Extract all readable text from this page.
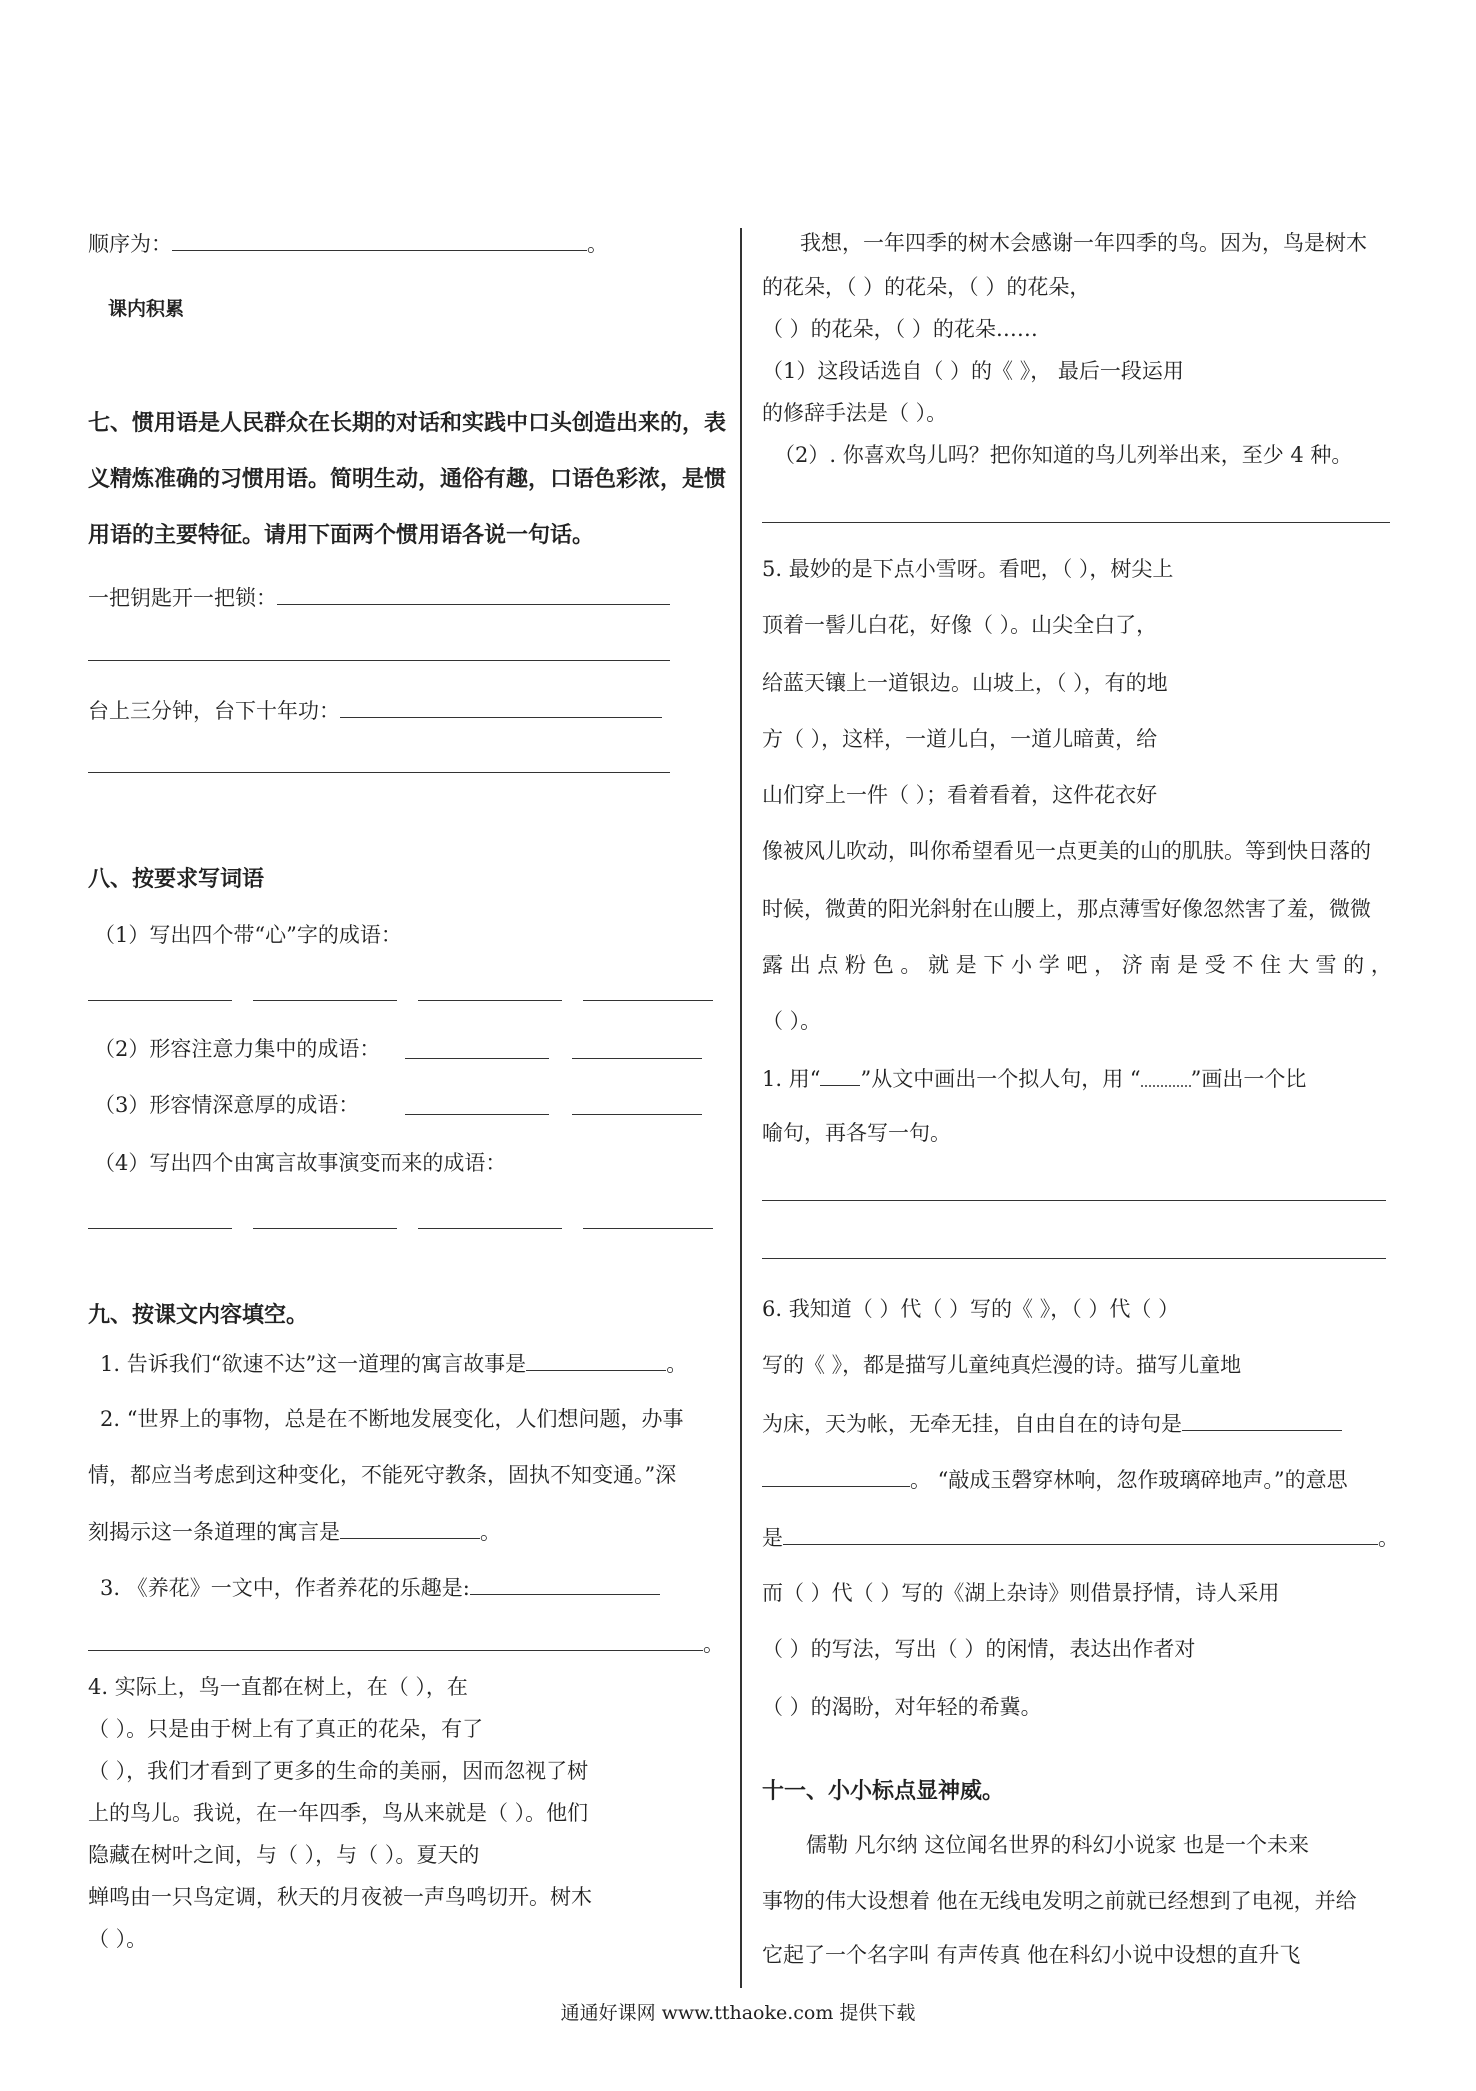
顺序为：	。
课内积累
七、惯用语是人民群众在长期的对话和实践中口头创造出来的，表
义精炼准确的习惯用语。简明生动，通俗有趣，口语色彩浓，是惯
用语的主要特征。请用下面两个惯用语各说一句话。
一把钥匙开一把锁：
台上三分钟，台下十年功：
八、按要求写词语
（1）写出四个带“心”字的成语：
（2）形容注意力集中的成语：
（3）形容情深意厚的成语：
（4）写出四个由寓言故事演变而来的成语：
九、按课文内容填空。
1. 告诉我们“欲速不达”这一道理的寓言故事是	。
2. “世界上的事物，总是在不断地发展变化，人们想问题，办事
情，都应当考虑到这种变化，不能死守教条，固执不知变通。”深
刻揭示这一条道理的寓言是	。
3. 《养花》一文中，作者养花的乐趣是:
。
4. 实际上，鸟一直都在树上，在（ ），在
（ ）。只是由于树上有了真正的花朵，有了
（ ），我们才看到了更多的生命的美丽，因而忽视了树
上的鸟儿。我说，在一年四季，鸟从来就是（ ）。他们
隐藏在树叶之间，与（ ），与（ ）。夏天的
蝉鸣由一只鸟定调，秋天的月夜被一声鸟鸣切开。树木
（ ）。
我想，一年四季的树木会感谢一年四季的鸟。因为，鸟是树木
的花朵，（ ）的花朵，（ ）的花朵，
（ ）的花朵，（ ）的花朵……
（1）这段话选自（ ）的《 》， 最后一段运用
的修辞手法是（ ）。
（2）. 你喜欢鸟儿吗？把你知道的鸟儿列举出来，至少 4 种。
5. 最妙的是下点小雪呀。看吧，（ ），树尖上
顶着一髻儿白花，好像（ ）。山尖全白了，
给蓝天镶上一道银边。山坡上，（ ），有的地
方（ ），这样，一道儿白，一道儿暗黄，给
山们穿上一件（ ）；看着看着，这件花衣好
像被风儿吹动，叫你希望看见一点更美的山的肌肤。等到快日落的
时候，微黄的阳光斜射在山腰上，那点薄雪好像忽然害了羞，微微
露 出 点 粉 色 。 就 是 下 小 学 吧 ， 济 南 是 受 不 住 大 雪 的 ，
（ ）。
1. 用“ ”从文中画出一个拟人句，用 “ ”画出一个比
喻句，再各写一句。
6. 我知道（ ）代（ ）写的《 》，（ ）代（ ）
写的《 》，都是描写儿童纯真烂漫的诗。描写儿童地
为床，天为帐，无牵无挂，自由自在的诗句是
。 “敲成玉磬穿林响，忽作玻璃碎地声。”的意思
是	。
而（ ）代（ ）写的《湖上杂诗》则借景抒情，诗人采用
（ ）的写法，写出（ ）的闲情，表达出作者对
（ ）的渴盼，对年轻的希冀。
十一、小小标点显神威。
儒勒 凡尔纳 这位闻名世界的科幻小说家 也是一个未来
事物的伟大设想着 他在无线电发明之前就已经想到了电视，并给
它起了一个名字叫 有声传真 他在科幻小说中设想的直升飞
通通好课网 www.tthaoke.com 提供下载
